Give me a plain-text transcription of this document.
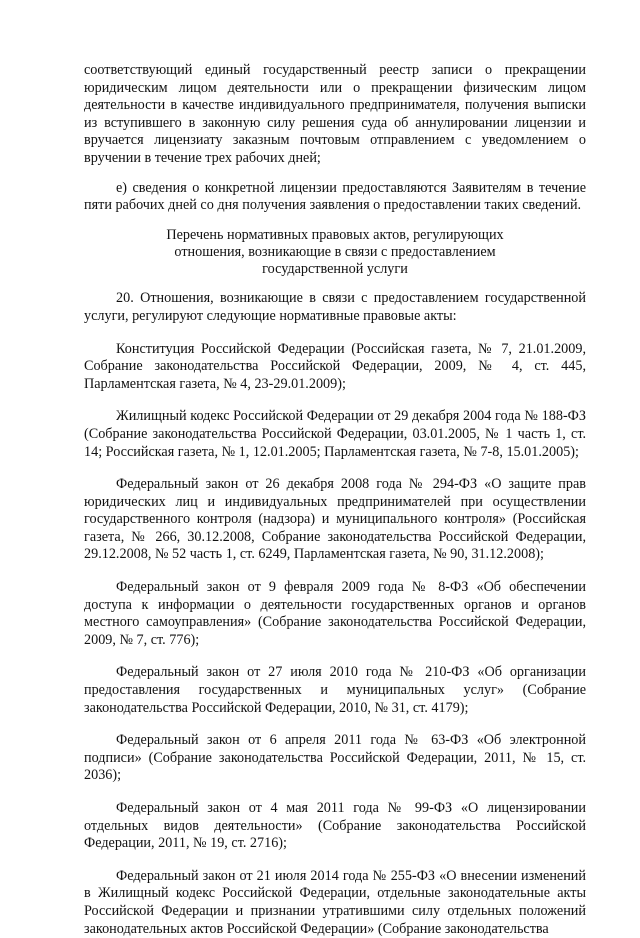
соответствующий единый государственный реестр записи о прекращении юридическим лицом деятельности или о прекращении физическим лицом деятельности в качестве индивидуального предпринимателя, получения выписки из вступившего в законную силу решения суда об аннулировании лицензии и вручается лицензиату заказным почтовым отправлением с уведомлением о вручении в течение трех рабочих дней;

е) сведения о конкретной лицензии предоставляются Заявителям в течение пяти рабочих дней со дня получения заявления о предоставлении таких сведений.

Перечень нормативных правовых актов, регулирующих
отношения, возникающие в связи с предоставлением
государственной услуги

20. Отношения, возникающие в связи с предоставлением государственной услуги, регулируют следующие нормативные правовые акты:

Конституция Российской Федерации (Российская газета, № 7, 21.01.2009, Собрание законодательства Российской Федерации, 2009, № 4, ст. 445, Парламентская газета, № 4, 23-29.01.2009);

Жилищный кодекс Российской Федерации от 29 декабря 2004 года № 188-ФЗ (Собрание законодательства Российской Федерации, 03.01.2005, № 1 часть 1, ст. 14; Российская газета, № 1, 12.01.2005; Парламентская газета, № 7-8, 15.01.2005);

Федеральный закон от 26 декабря 2008 года № 294-ФЗ «О защите прав юридических лиц и индивидуальных предпринимателей при осуществлении государственного контроля (надзора) и муниципального контроля» (Российская газета, № 266, 30.12.2008, Собрание законодательства Российской Федерации, 29.12.2008, № 52 часть 1, ст. 6249, Парламентская газета, № 90, 31.12.2008);

Федеральный закон от 9 февраля 2009 года № 8-ФЗ «Об обеспечении доступа к информации о деятельности государственных органов и органов местного самоуправления» (Собрание законодательства Российской Федерации, 2009, № 7, ст. 776);

Федеральный закон от 27 июля 2010 года № 210-ФЗ «Об организации предоставления государственных и муниципальных услуг» (Собрание законодательства Российской Федерации, 2010, № 31, ст. 4179);

Федеральный закон от 6 апреля 2011 года № 63-ФЗ «Об электронной подписи» (Собрание законодательства Российской Федерации, 2011, № 15, ст. 2036);

Федеральный закон от 4 мая 2011 года № 99-ФЗ «О лицензировании отдельных видов деятельности» (Собрание законодательства Российской Федерации, 2011, № 19, ст. 2716);

Федеральный закон от 21 июля 2014 года № 255-ФЗ «О внесении изменений в Жилищный кодекс Российской Федерации, отдельные законодательные акты Российской Федерации и признании утратившими силу отдельных положений законодательных актов Российской Федерации» (Собрание законодательства
